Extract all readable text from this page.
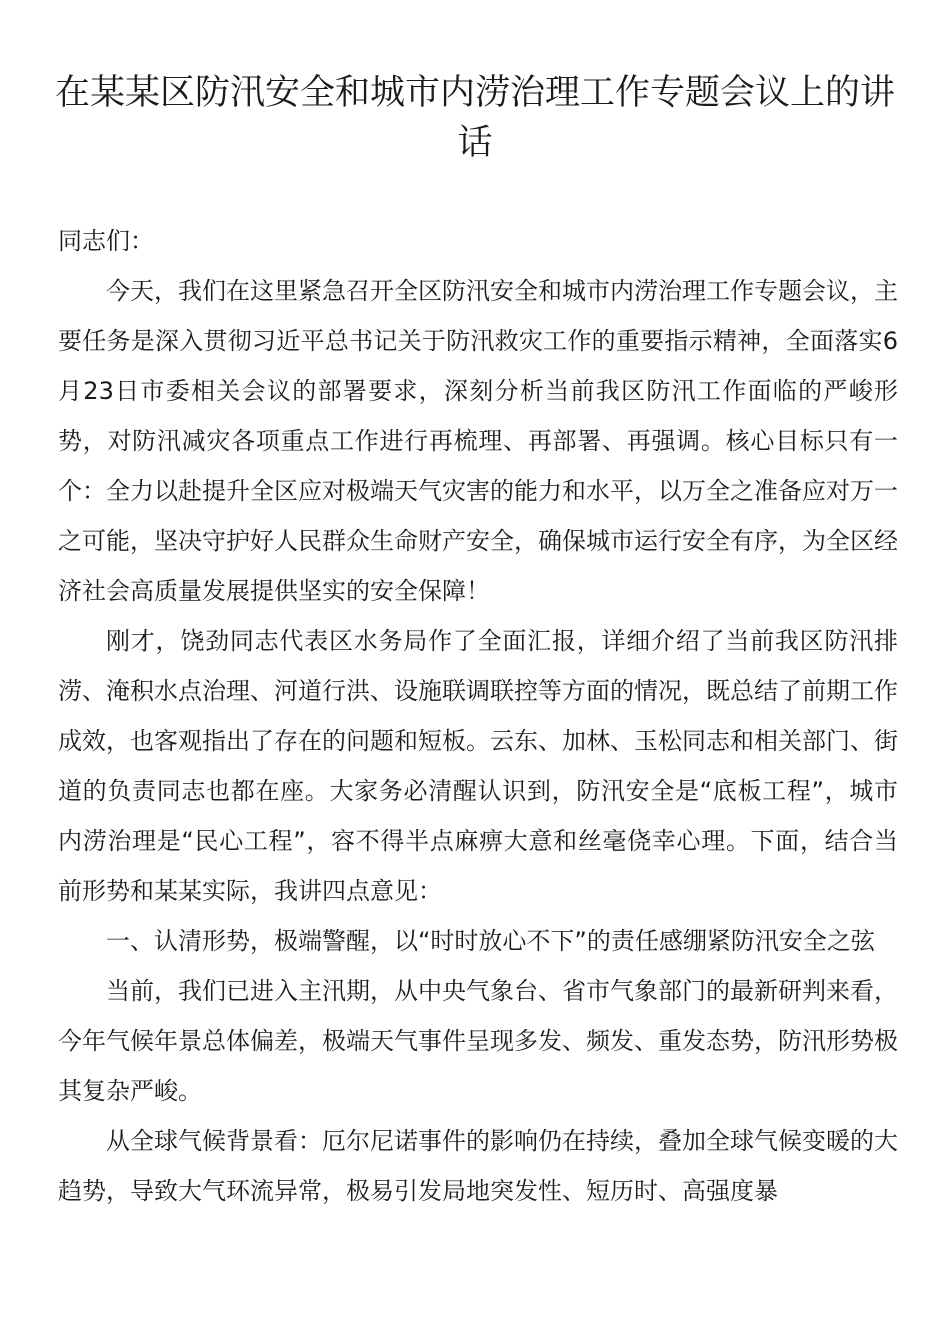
在某某区防汛安全和城市内涝治理工作专题会议上的讲话

同志们：

今天，我们在这里紧急召开全区防汛安全和城市内涝治理工作专题会议，主要任务是深入贯彻习近平总书记关于防汛救灾工作的重要指示精神，全面落实6月23日市委相关会议的部署要求，深刻分析当前我区防汛工作面临的严峻形势，对防汛减灾各项重点工作进行再梳理、再部署、再强调。核心目标只有一个：全力以赴提升全区应对极端天气灾害的能力和水平，以万全之准备应对万一之可能，坚决守护好人民群众生命财产安全，确保城市运行安全有序，为全区经济社会高质量发展提供坚实的安全保障！

刚才，饶劲同志代表区水务局作了全面汇报，详细介绍了当前我区防汛排涝、淹积水点治理、河道行洪、设施联调联控等方面的情况，既总结了前期工作成效，也客观指出了存在的问题和短板。云东、加林、玉松同志和相关部门、街道的负责同志也都在座。大家务必清醒认识到，防汛安全是“底板工程”，城市内涝治理是“民心工程”，容不得半点麻痹大意和丝毫侥幸心理。下面，结合当前形势和某某实际，我讲四点意见：

一、认清形势，极端警醒，以“时时放心不下”的责任感绷紧防汛安全之弦

当前，我们已进入主汛期，从中央气象台、省市气象部门的最新研判来看，今年气候年景总体偏差，极端天气事件呈现多发、频发、重发态势，防汛形势极其复杂严峻。

从全球气候背景看：厄尔尼诺事件的影响仍在持续，叠加全球气候变暖的大趋势，导致大气环流异常，极易引发局地突发性、短历时、高强度暴
